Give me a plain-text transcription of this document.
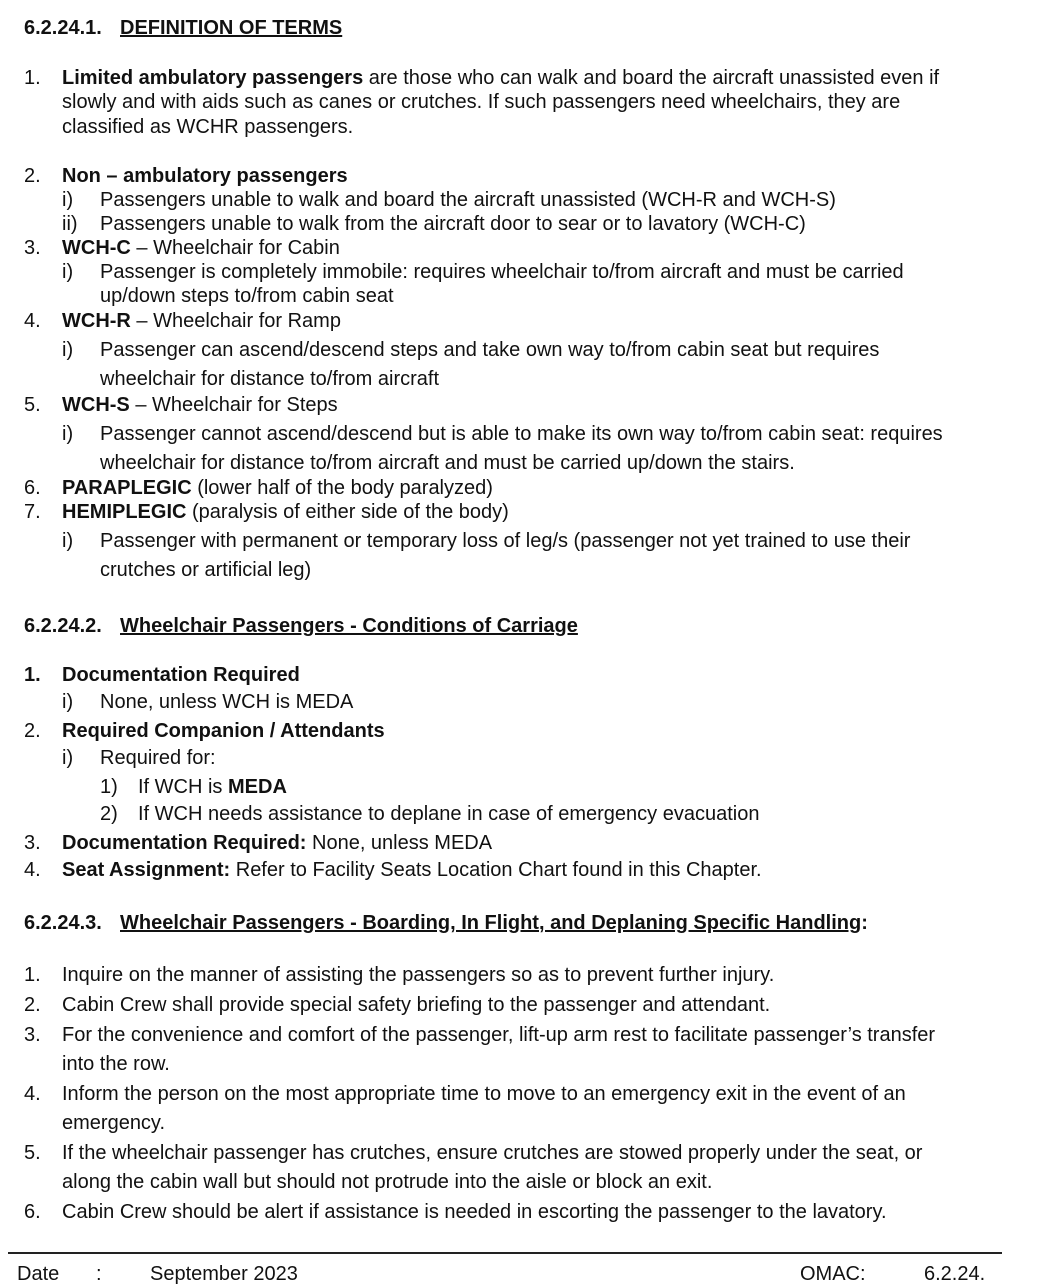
6.2.24.1. DEFINITION OF TERMS
1. Limited ambulatory passengers are those who can walk and board the aircraft unassisted even if
slowly and with aids such as canes or crutches. If such passengers need wheelchairs, they are
classified as WCHR passengers.
2. Non – ambulatory passengers
i) Passengers unable to walk and board the aircraft unassisted (WCH-R and WCH-S)
ii) Passengers unable to walk from the aircraft door to sear or to lavatory (WCH-C)
3. WCH-C – Wheelchair for Cabin
i) Passenger is completely immobile: requires wheelchair to/from aircraft and must be carried
up/down steps to/from cabin seat
4. WCH-R – Wheelchair for Ramp
i) Passenger can ascend/descend steps and take own way to/from cabin seat but requires
wheelchair for distance to/from aircraft
5. WCH-S – Wheelchair for Steps
i) Passenger cannot ascend/descend but is able to make its own way to/from cabin seat: requires
wheelchair for distance to/from aircraft and must be carried up/down the stairs.
6. PARAPLEGIC (lower half of the body paralyzed)
7. HEMIPLEGIC (paralysis of either side of the body)
i) Passenger with permanent or temporary loss of leg/s (passenger not yet trained to use their
crutches or artificial leg)
6.2.24.2. Wheelchair Passengers - Conditions of Carriage
1. Documentation Required
i) None, unless WCH is MEDA
2. Required Companion / Attendants
i) Required for:
1) If WCH is MEDA
2) If WCH needs assistance to deplane in case of emergency evacuation
3. Documentation Required: None, unless MEDA
4. Seat Assignment: Refer to Facility Seats Location Chart found in this Chapter.
6.2.24.3. Wheelchair Passengers - Boarding, In Flight, and Deplaning Specific Handling:
1. Inquire on the manner of assisting the passengers so as to prevent further injury.
2. Cabin Crew shall provide special safety briefing to the passenger and attendant.
3. For the convenience and comfort of the passenger, lift-up arm rest to facilitate passenger’s transfer
into the row.
4. Inform the person on the most appropriate time to move to an emergency exit in the event of an
emergency.
5. If the wheelchair passenger has crutches, ensure crutches are stowed properly under the seat, or
along the cabin wall but should not protrude into the aisle or block an exit.
6. Cabin Crew should be alert if assistance is needed in escorting the passenger to the lavatory.
Date : September 2023	OMAC:	6.2.24.
